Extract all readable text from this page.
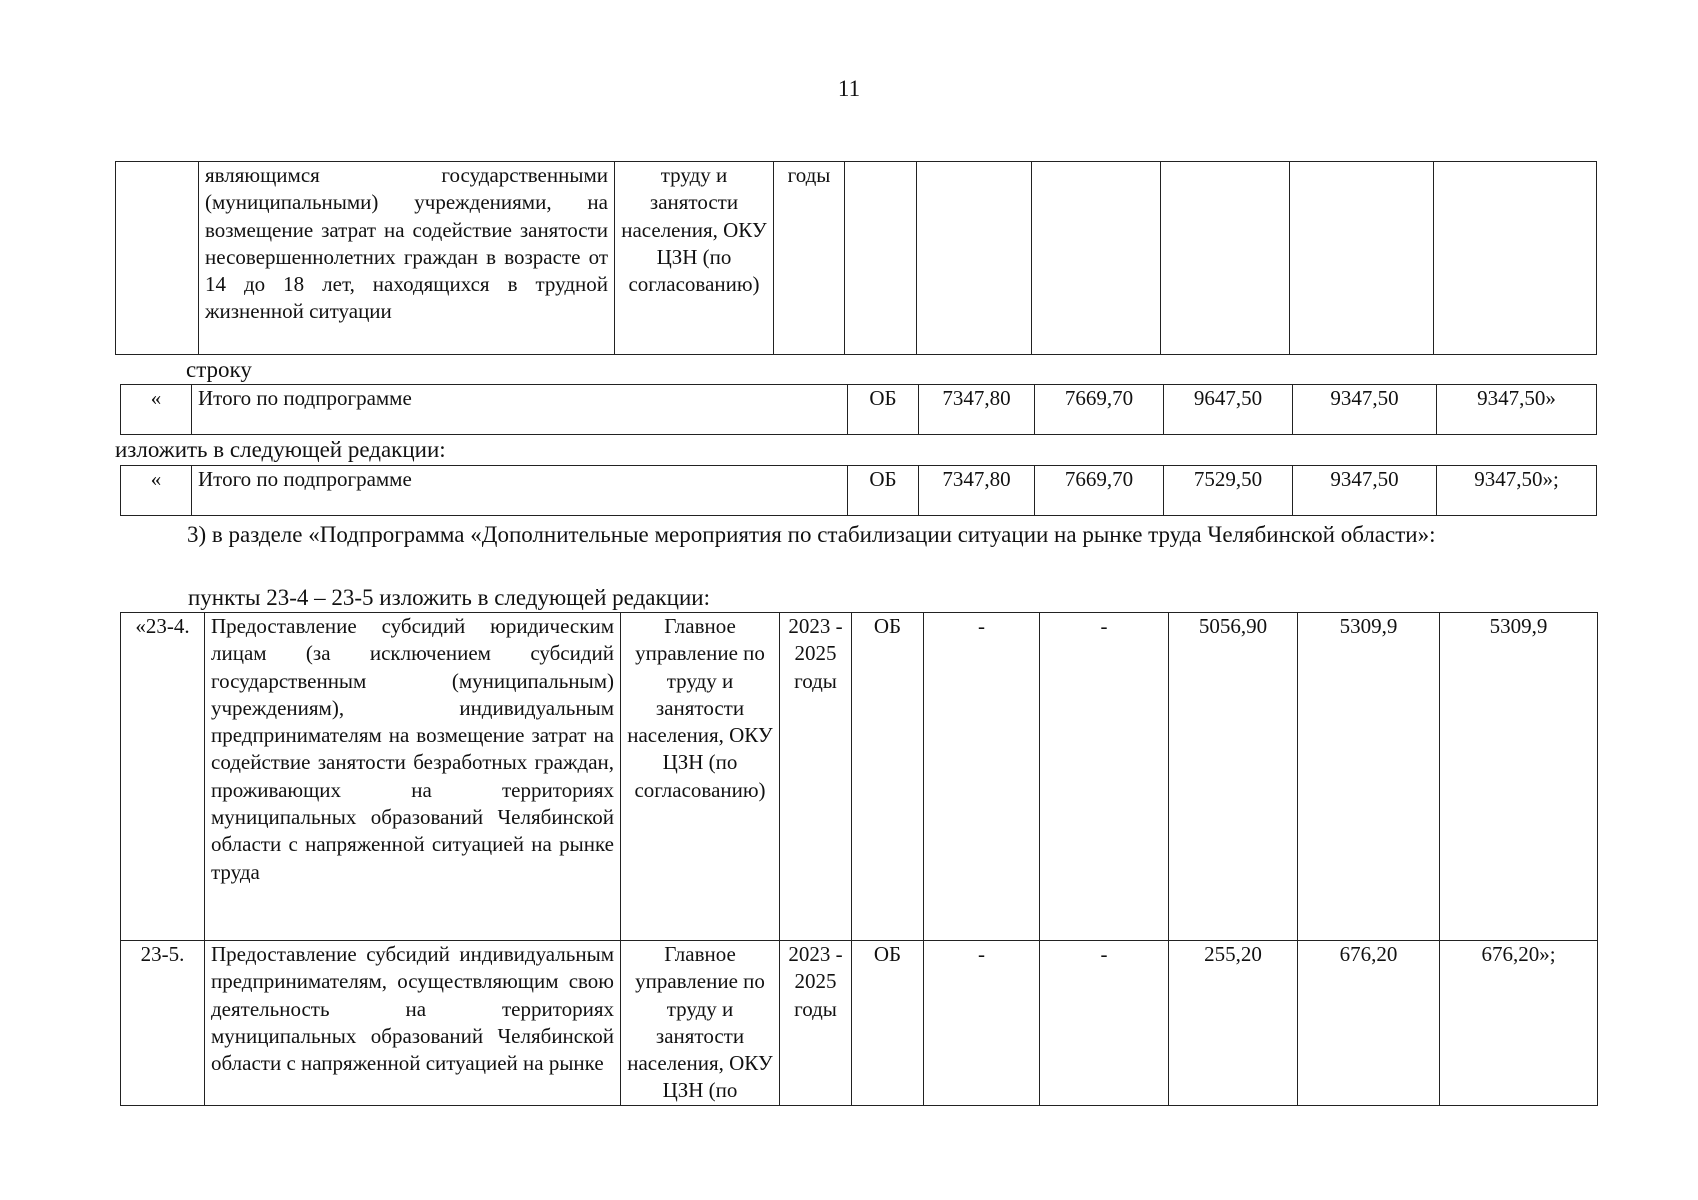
11
	являющимся государственными (муниципальными) учреждениями, на возмещение затрат на содействие занятости несовершеннолетних граждан в возрасте от 14 до 18 лет, находящихся в трудной жизненной ситуации	труду и занятости населения, ОКУ ЦЗН (по согласованию)	годы						
строку
«	Итого по подпрограмме	ОБ	7347,80	7669,70	9647,50	9347,50	9347,50»
изложить в следующей редакции:
«	Итого по подпрограмме	ОБ	7347,80	7669,70	7529,50	9347,50	9347,50»;
3) в разделе «Подпрограмма «Дополнительные мероприятия по стабилизации ситуации на рынке труда Челябинской области»:
пункты 23-4 – 23-5 изложить в следующей редакции:
«23-4.	Предоставление субсидий юридическим лицам (за исключением субсидий государственным (муниципальным) учреждениям), индивидуальным предпринимателям на возмещение затрат на содействие занятости безработных граждан, проживающих на территориях муниципальных образований Челябинской области с напряженной ситуацией на рынке труда	Главное управление по труду и занятости населения, ОКУ ЦЗН (по согласованию)	2023 - 2025 годы	ОБ	-	-	5056,90	5309,9	5309,9
23-5.	Предоставление субсидий индивидуальным предпринимателям, осуществляющим свою деятельность на территориях муниципальных образований Челябинской области с напряженной ситуацией на рынке	Главное управление по труду и занятости населения, ОКУ ЦЗН (по	2023 - 2025 годы	ОБ	-	-	255,20	676,20	676,20»;
